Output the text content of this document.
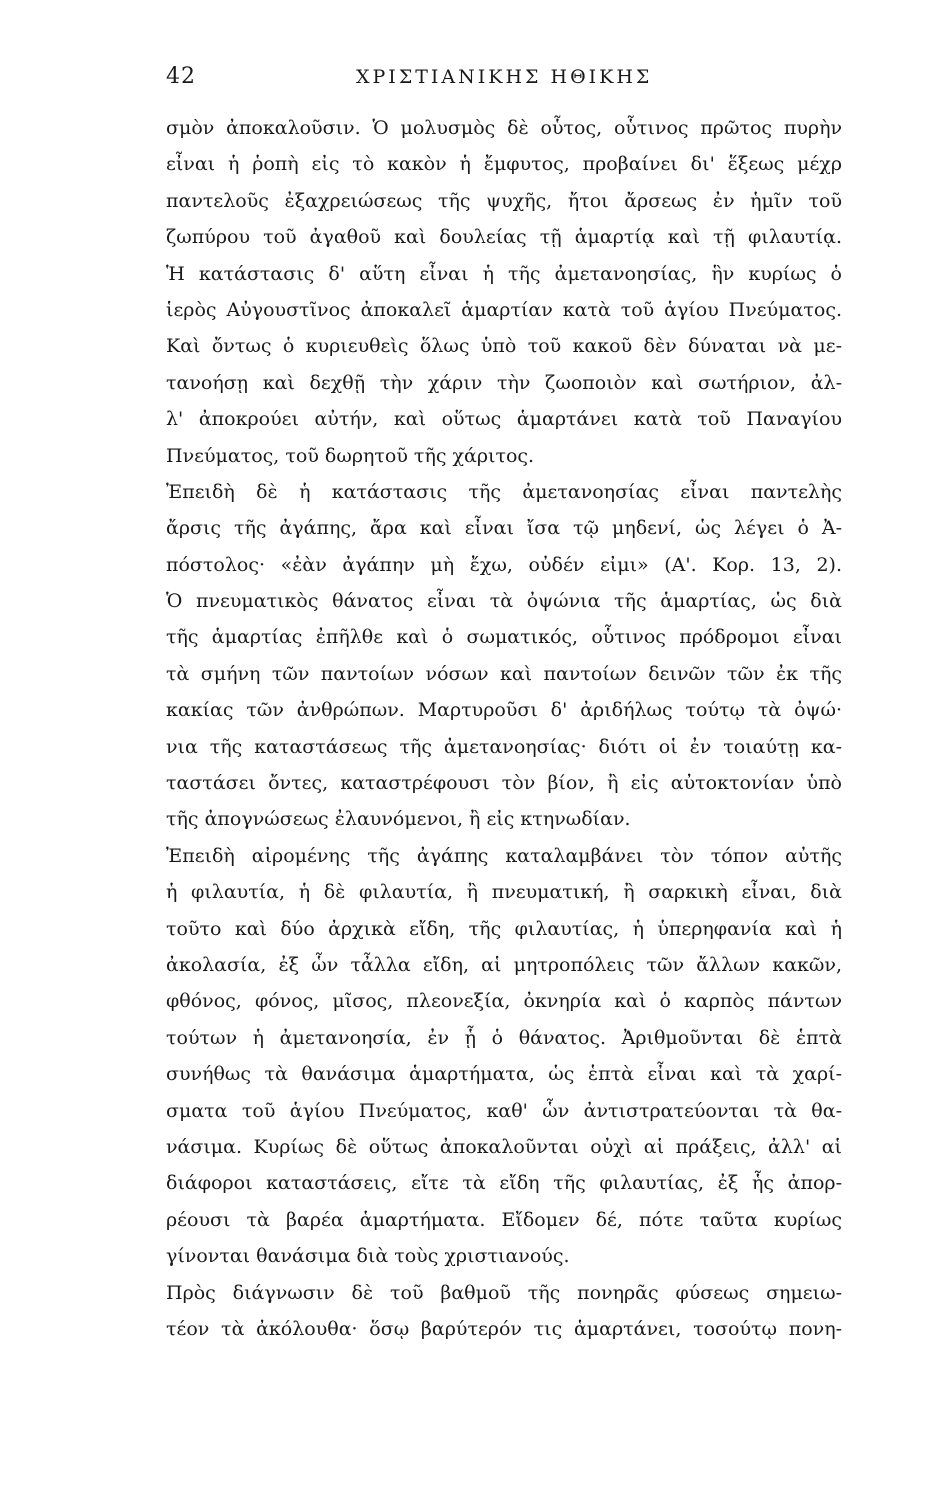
42	ΧΡΙΣΤΙΑΝΙΚΗΣ ΗΘΙΚΗΣ
σμὸν ἀποκαλοῦσιν. Ὁ μολυσμὸς δὲ οὗτος, οὗτινος πρῶτος πυρὴν
εἶναι ἡ ῥοπὴ εἰς τὸ κακὸν ἡ ἔμφυτος, προβαίνει δι' ἕξεως μέχρ
παντελοῦς ἐξαχρειώσεως τῆς ψυχῆς, ἤτοι ἄρσεως ἐν ἡμῖν τοῦ
ζωπύρου τοῦ ἀγαθοῦ καὶ δουλείας τῇ ἁμαρτίᾳ καὶ τῇ φιλαυτίᾳ.
Ἡ κατάστασις δ' αὕτη εἶναι ἡ τῆς ἀμετανοησίας, ἣν κυρίως ὁ
ἱερὸς Αὐγουστῖνος ἀποκαλεῖ ἁμαρτίαν κατὰ τοῦ ἁγίου Πνεύματος.
Καὶ ὄντως ὁ κυριευθεὶς ὅλως ὑπὸ τοῦ κακοῦ δὲν δύναται νὰ με-
τανοήσῃ καὶ δεχθῇ τὴν χάριν τὴν ζωοποιὸν καὶ σωτήριον, ἀλ-
λ' ἀποκρούει αὐτήν, καὶ οὕτως ἁμαρτάνει κατὰ τοῦ Παναγίου
Πνεύματος, τοῦ δωρητοῦ τῆς χάριτος.
Ἐπειδὴ δὲ ἡ κατάστασις τῆς ἀμετανοησίας εἶναι παντελὴς
ἄρσις τῆς ἀγάπης, ἄρα καὶ εἶναι ἴσα τῷ μηδενί, ὡς λέγει ὁ Ἀ-
πόστολος· «ἐὰν ἀγάπην μὴ ἔχω, οὐδέν εἰμι» (Α'. Κορ. 13, 2).
Ὁ πνευματικὸς θάνατος εἶναι τὰ ὀψώνια τῆς ἁμαρτίας, ὡς διὰ
τῆς ἁμαρτίας ἐπῆλθε καὶ ὁ σωματικός, οὗτινος πρόδρομοι εἶναι
τὰ σμήνη τῶν παντοίων νόσων καὶ παντοίων δεινῶν τῶν ἐκ τῆς
κακίας τῶν ἀνθρώπων. Μαρτυροῦσι δ' ἀριδήλως τούτῳ τὰ ὀψώ·
νια τῆς καταστάσεως τῆς ἀμετανοησίας· διότι οἱ ἐν τοιαύτῃ κα-
ταστάσει ὄντες, καταστρέφουσι τὸν βίον, ἢ εἰς αὐτοκτονίαν ὑπὸ
τῆς ἀπογνώσεως ἐλαυνόμενοι, ἢ εἰς κτηνωδίαν.
Ἐπειδὴ αἰρομένης τῆς ἀγάπης καταλαμβάνει τὸν τόπον αὐτῆς
ἡ φιλαυτία, ἡ δὲ φιλαυτία, ἢ πνευματική, ἢ σαρκικὴ εἶναι, διὰ
τοῦτο καὶ δύο ἀρχικὰ εἴδη, τῆς φιλαυτίας, ἡ ὑπερηφανία καὶ ἡ
ἀκολασία, ἐξ ὧν τἆλλα εἴδη, αἱ μητροπόλεις τῶν ἄλλων κακῶν,
φθόνος, φόνος, μῖσος, πλεονεξία, ὀκνηρία καὶ ὁ καρπὸς πάντων
τούτων ἡ ἀμετανοησία, ἐν ᾗ ὁ θάνατος. Ἀριθμοῦνται δὲ ἑπτὰ
συνήθως τὰ θανάσιμα ἁμαρτήματα, ὡς ἑπτὰ εἶναι καὶ τὰ χαρί-
σματα τοῦ ἁγίου Πνεύματος, καθ' ὧν ἀντιστρατεύονται τὰ θα-
νάσιμα. Κυρίως δὲ οὕτως ἀποκαλοῦνται οὐχὶ αἱ πράξεις, ἀλλ' αἱ
διάφοροι καταστάσεις, εἴτε τὰ εἴδη τῆς φιλαυτίας, ἐξ ἧς ἀπορ-
ρέουσι τὰ βαρέα ἁμαρτήματα. Εἴδομεν δέ, πότε ταῦτα κυρίως
γίνονται θανάσιμα διὰ τοὺς χριστιανούς.
Πρὸς διάγνωσιν δὲ τοῦ βαθμοῦ τῆς πονηρᾶς φύσεως σημειω-
τέον τὰ ἀκόλουθα· ὅσῳ βαρύτερόν τις ἁμαρτάνει, τοσούτῳ πονη-
